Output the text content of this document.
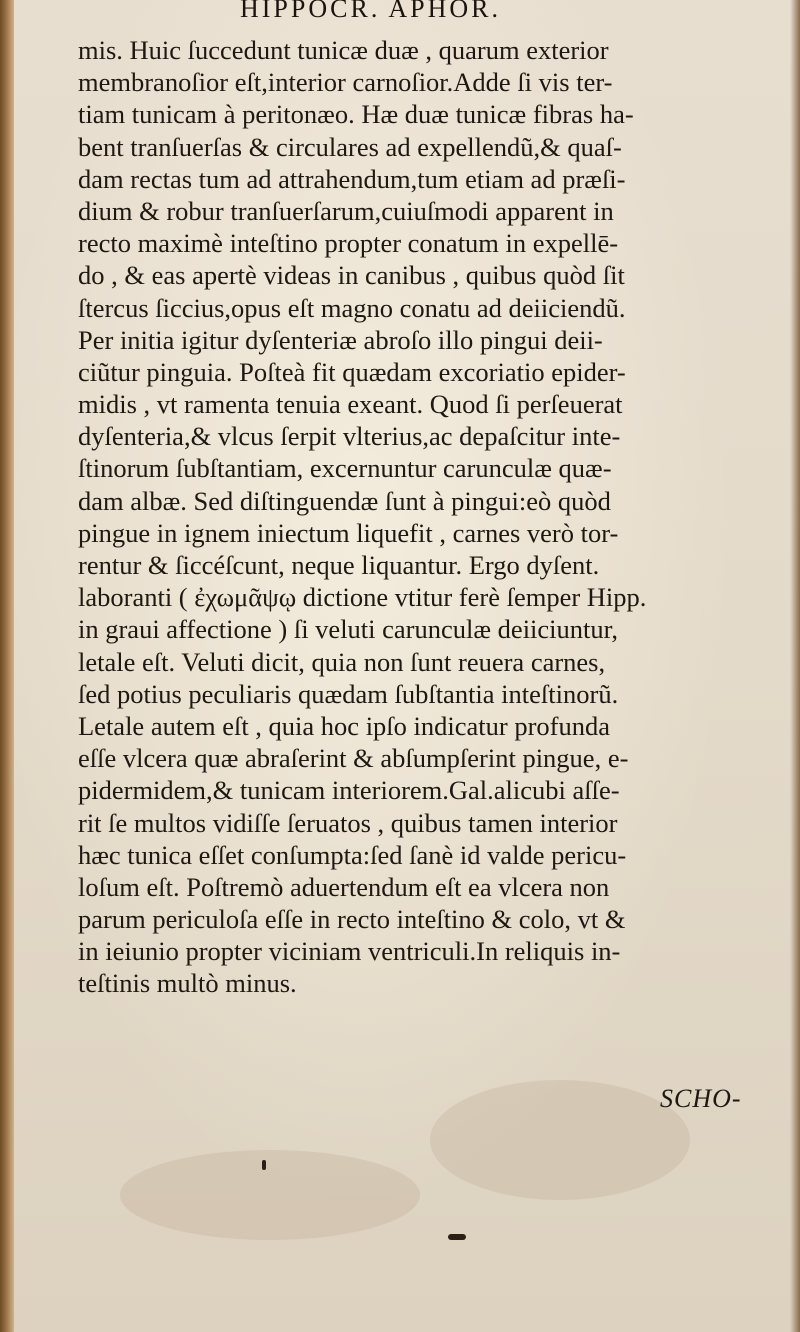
HIPPOCR. APHOR.
mis. Huic ſuccedunt tunicæ duæ , quarum exterior
membranoſior eſt,interior carnoſior.Adde ſi vis ter-
tiam tunicam à peritonæo. Hæ duæ tunicæ fibras ha-
bent tranſuerſas & circulares ad expellendũ,& quaſ-
dam rectas tum ad attrahendum,tum etiam ad præſi-
dium & robur tranſuerſarum,cuiuſmodi apparent in
recto maximè inteſtino propter conatum in expellē-
do , & eas apertè videas in canibus , quibus quòd ſit
ſtercus ſiccius,opus eſt magno conatu ad deiiciendũ.
Per initia igitur dyſenteriæ abroſo illo pingui deii-
ciũtur pinguia. Poſteà fit quædam excoriatio epider-
midis , vt ramenta tenuia exeant. Quod ſi perſeuerat
dyſenteria,& vlcus ſerpit vlterius,ac depaſcitur inte-
ſtinorum ſubſtantiam, excernuntur carunculæ quæ-
dam albæ. Sed diſtinguendæ ſunt à pingui:eò quòd
pingue in ignem iniectum liquefit , carnes verò tor-
rentur & ſiccéſcunt, neque liquantur. Ergo dyſent.
laboranti ( ἐχωμᾶψῳ dictione vtitur ferè ſemper Hipp.
in graui affectione ) ſi veluti carunculæ deiiciuntur,
letale eſt. Veluti dicit, quia non ſunt reuera carnes,
ſed potius peculiaris quædam ſubſtantia inteſtinorũ.
Letale autem eſt , quia hoc ipſo indicatur profunda
eſſe vlcera quæ abraſerint & abſumpſerint pingue, e-
pidermidem,& tunicam interiorem.Gal.alicubi aſſe-
rit ſe multos vidiſſe ſeruatos , quibus tamen interior
hæc tunica eſſet conſumpta:ſed ſanè id valde pericu-
loſum eſt. Poſtremò aduertendum eſt ea vlcera non
parum periculoſa eſſe in recto inteſtino & colo, vt &
in ieiunio propter viciniam ventriculi.In reliquis in-
teſtinis multò minus.
SCHO-
